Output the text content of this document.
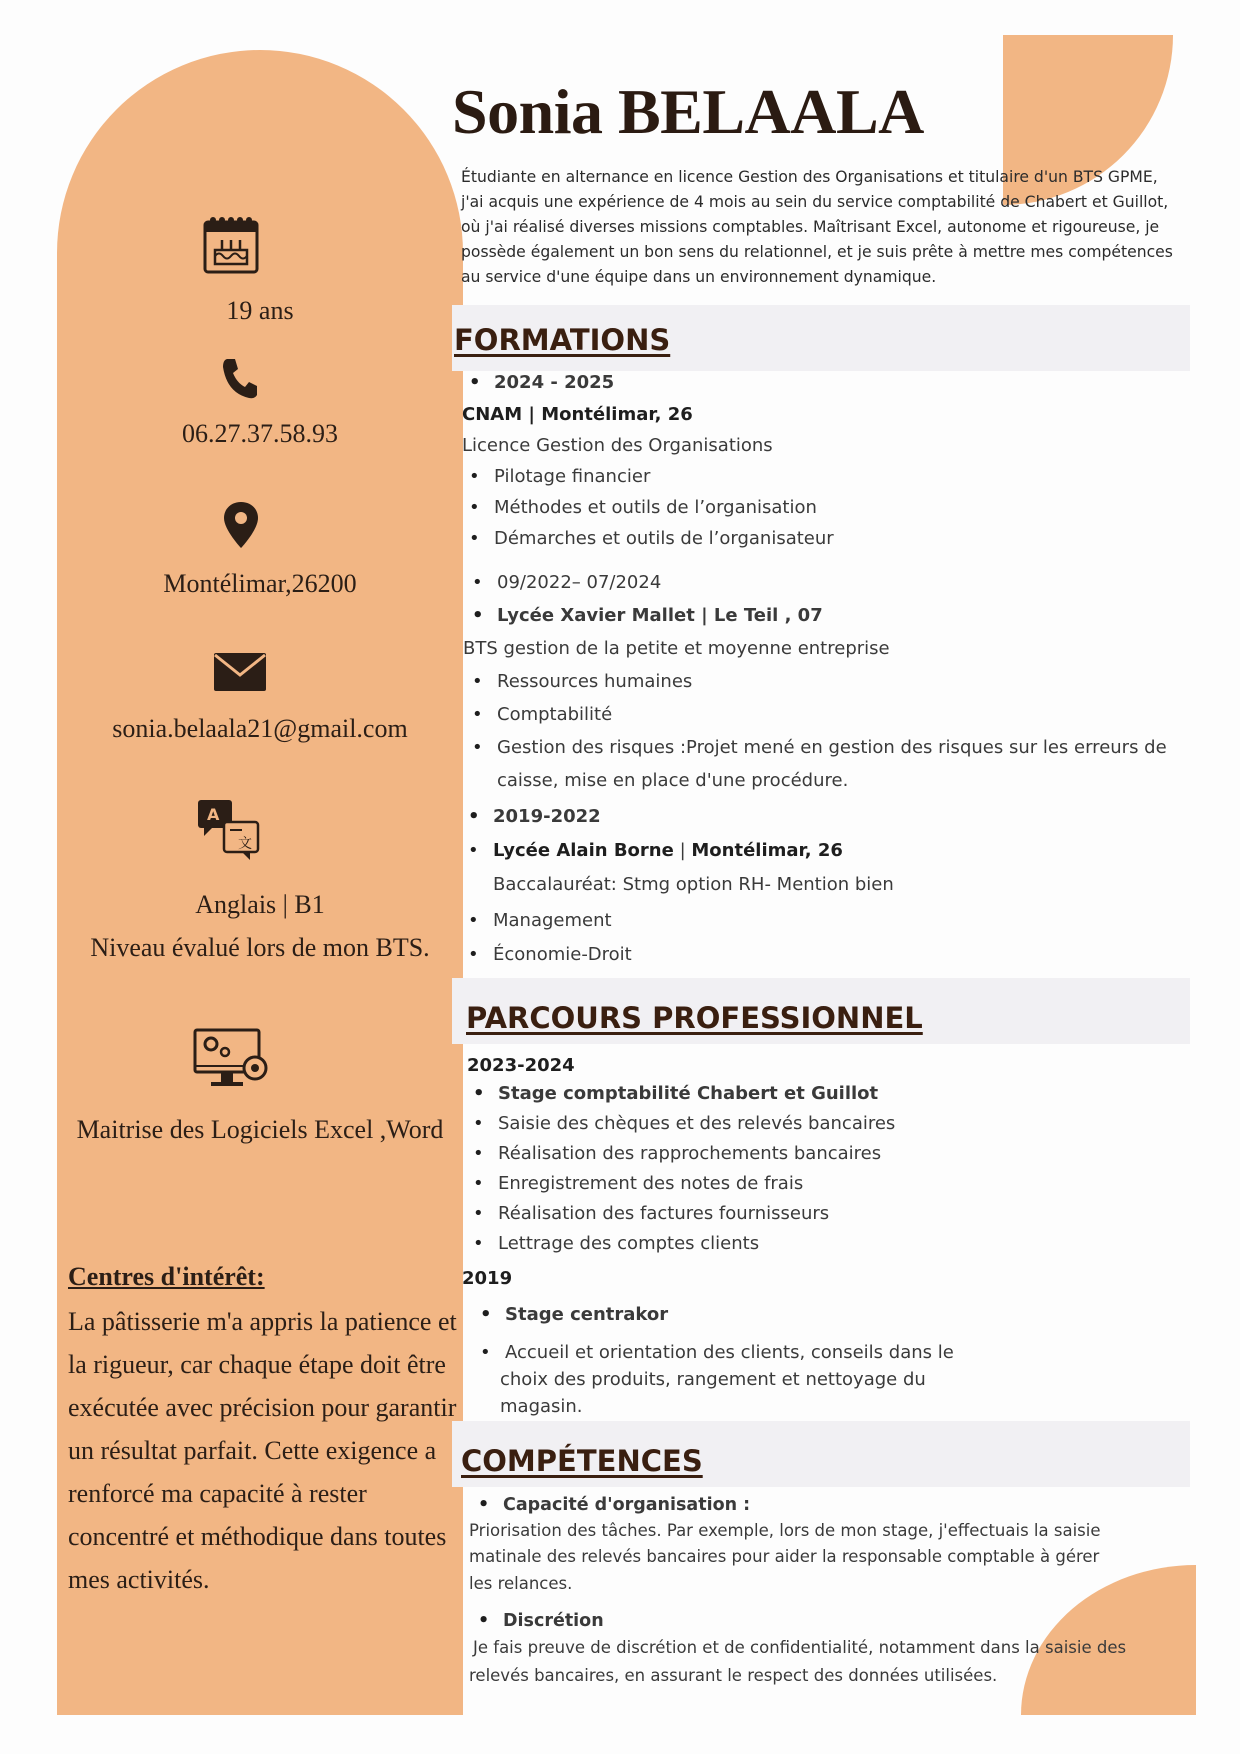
Sonia BELAALA

Étudiante en alternance en licence Gestion des Organisations et titulaire d'un BTS GPME, j'ai acquis une expérience de 4 mois au sein du service comptabilité de Chabert et Guillot, où j'ai réalisé diverses missions comptables. Maîtrisant Excel, autonome et rigoureuse, je possède également un bon sens du relationnel, et je suis prête à mettre mes compétences au service d'une équipe dans un environnement dynamique.

19 ans
06.27.37.58.93
Montélimar,26200
sonia.belaala21@gmail.com
A
文
Anglais | B1
Niveau évalué lors de mon BTS.
Maitrise des Logiciels Excel ,Word
Centres d'intérêt:

La pâtisserie m'a appris la patience et la rigueur, car chaque étape doit être exécutée avec précision pour garantir un résultat parfait. Cette exigence a renforcé ma capacité à rester concentré et méthodique dans toutes mes activités.

FORMATIONS
• 2024 - 2025
CNAM | Montélimar, 26
Licence Gestion des Organisations
• Pilotage financier
• Méthodes et outils de l’organisation
• Démarches et outils de l’organisateur
• 09/2022– 07/2024
• Lycée Xavier Mallet | Le Teil , 07
BTS gestion de la petite et moyenne entreprise
• Ressources humaines
• Comptabilité
• Gestion des risques :Projet mené en gestion des risques sur les erreurs de
caisse, mise en place d'une procédure.
• 2019-2022
• Lycée Alain Borne | Montélimar, 26
Baccalauréat: Stmg option RH- Mention bien
• Management
• Économie-Droit
PARCOURS PROFESSIONNEL
2023-2024
• Stage comptabilité Chabert et Guillot
• Saisie des chèques et des relevés bancaires
• Réalisation des rapprochements bancaires
• Enregistrement des notes de frais
• Réalisation des factures fournisseurs
• Lettrage des comptes clients
2019
• Stage centrakor
• Accueil et orientation des clients, conseils dans le
choix des produits, rangement et nettoyage du
magasin.
COMPÉTENCES
• Capacité d'organisation :
Priorisation des tâches. Par exemple, lors de mon stage, j'effectuais la saisie
matinale des relevés bancaires pour aider la responsable comptable à gérer
les relances.
• Discrétion
Je fais preuve de discrétion et de confidentialité, notamment dans la saisie des
relevés bancaires, en assurant le respect des données utilisées.
